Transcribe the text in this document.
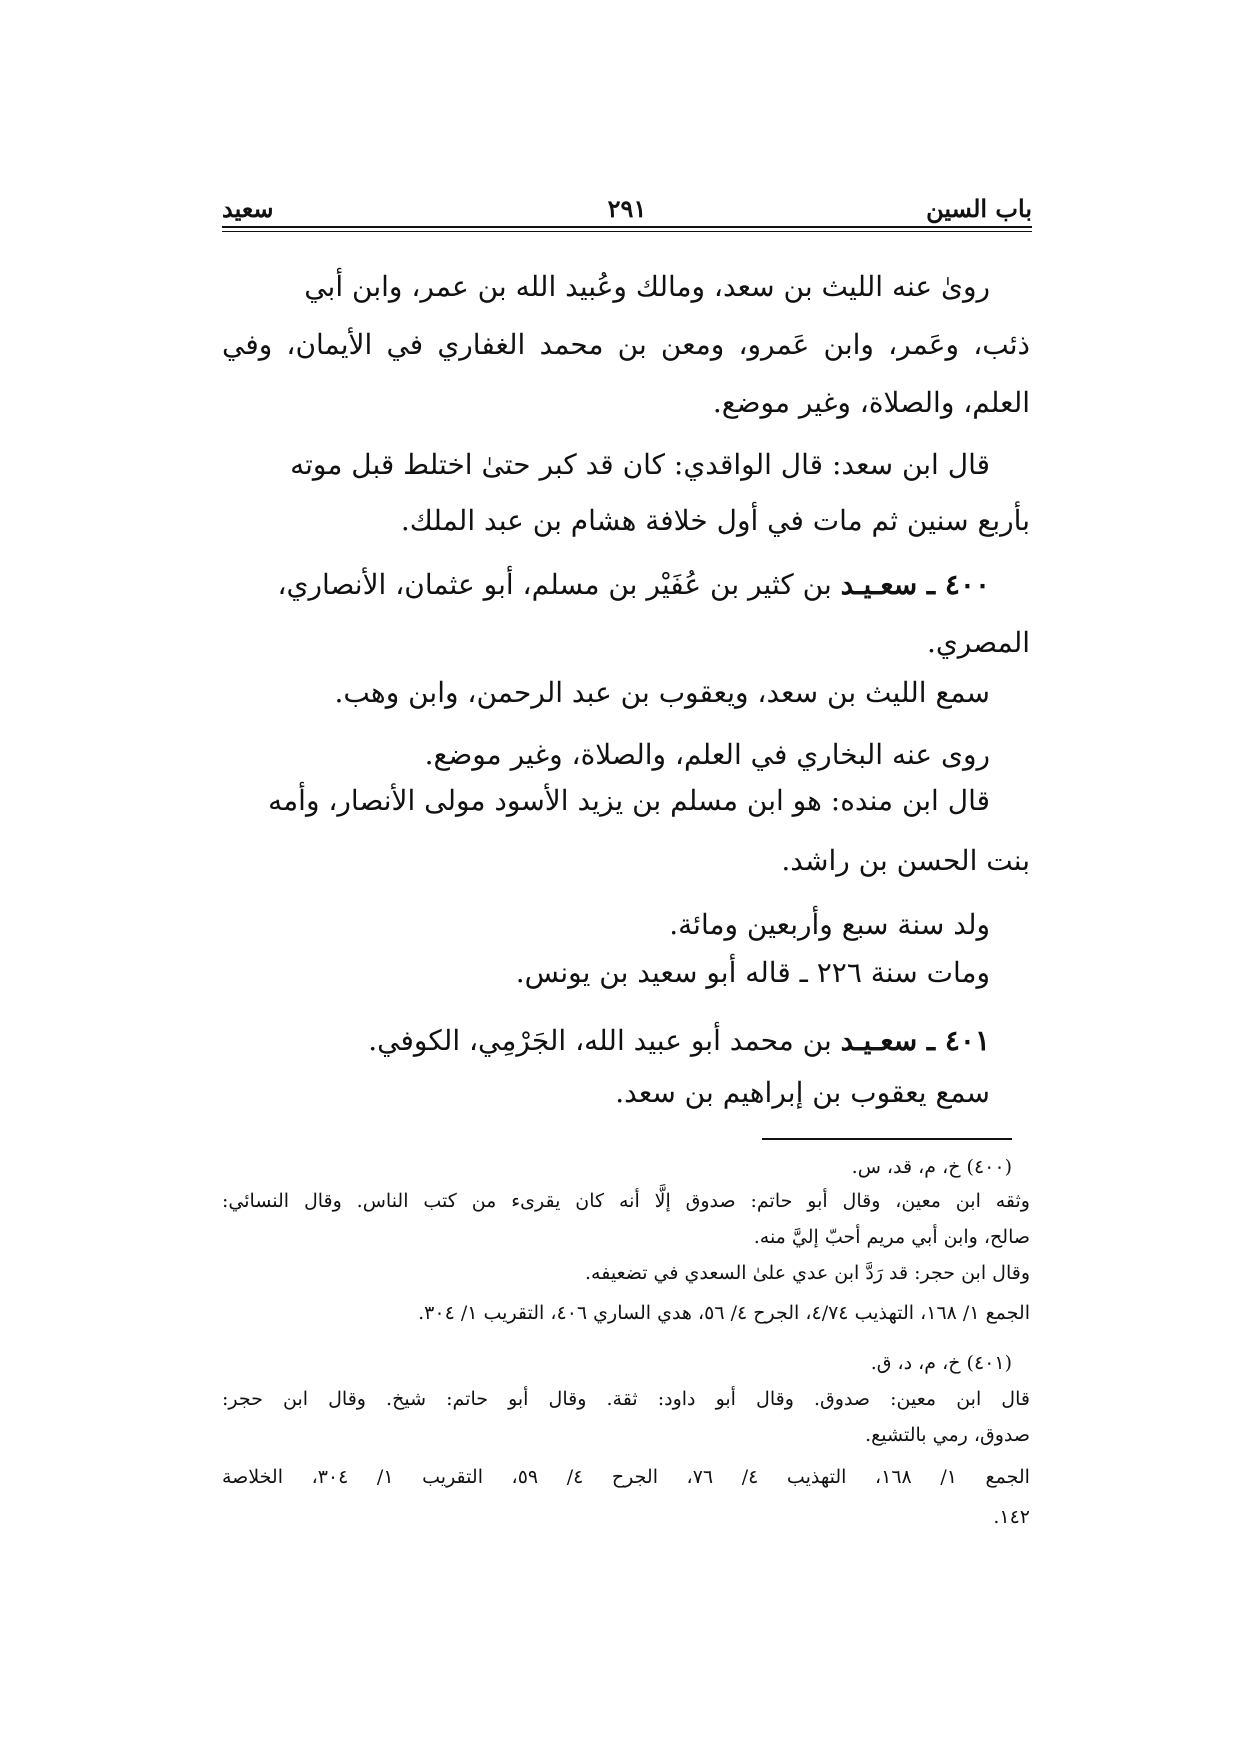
سعيد	٢٩١	باب السين
روىٰ عنه الليث بن سعد، ومالك وعُبيد الله بن عمر، وابن أبي
ذئب، وعَمر، وابن عَمرو، ومعن بن محمد الغفاري في الأيمان، وفي
العلم، والصلاة، وغير موضع.
قال ابن سعد: قال الواقدي: كان قد كبر حتىٰ اختلط قبل موته
بأربع سنين ثم مات في أول خلافة هشام بن عبد الملك.
٤٠٠ ـ سعـيـد بن كثير بن عُفَيْر بن مسلم، أبو عثمان، الأنصاري،
المصري.
سمع الليث بن سعد، ويعقوب بن عبد الرحمن، وابن وهب.
روى عنه البخاري في العلم، والصلاة، وغير موضع.
قال ابن منده: هو ابن مسلم بن يزيد الأسود مولى الأنصار، وأمه
بنت الحسن بن راشد.
ولد سنة سبع وأربعين ومائة.
ومات سنة ٢٢٦ ـ قاله أبو سعيد بن يونس.
٤٠١ ـ سعـيـد بن محمد أبو عبيد الله، الجَرْمِي، الكوفي.
سمع يعقوب بن إبراهيم بن سعد.
(٤٠٠) خ، م، قد، س.
وثقه ابن معين، وقال أبو حاتم: صدوق إلَّا أنه كان يقرىء من كتب الناس. وقال النسائي:
صالح، وابن أبي مريم أحبّ إليَّ منه.
وقال ابن حجر: قد رَدَّ ابن عدي علىٰ السعدي في تضعيفه.
الجمع ١/ ١٦٨، التهذيب ٤/٧٤، الجرح ٤/ ٥٦، هدي الساري ٤٠٦، التقريب ١/ ٣٠٤.
(٤٠١) خ، م، د، ق.
قال ابن معين: صدوق. وقال أبو داود: ثقة. وقال أبو حاتم: شيخ. وقال ابن حجر:
صدوق، رمي بالتشيع.
الجمع ١/ ١٦٨، التهذيب ٤/ ٧٦، الجرح ٤/ ٥٩، التقريب ١/ ٣٠٤، الخلاصة
١٤٢.
